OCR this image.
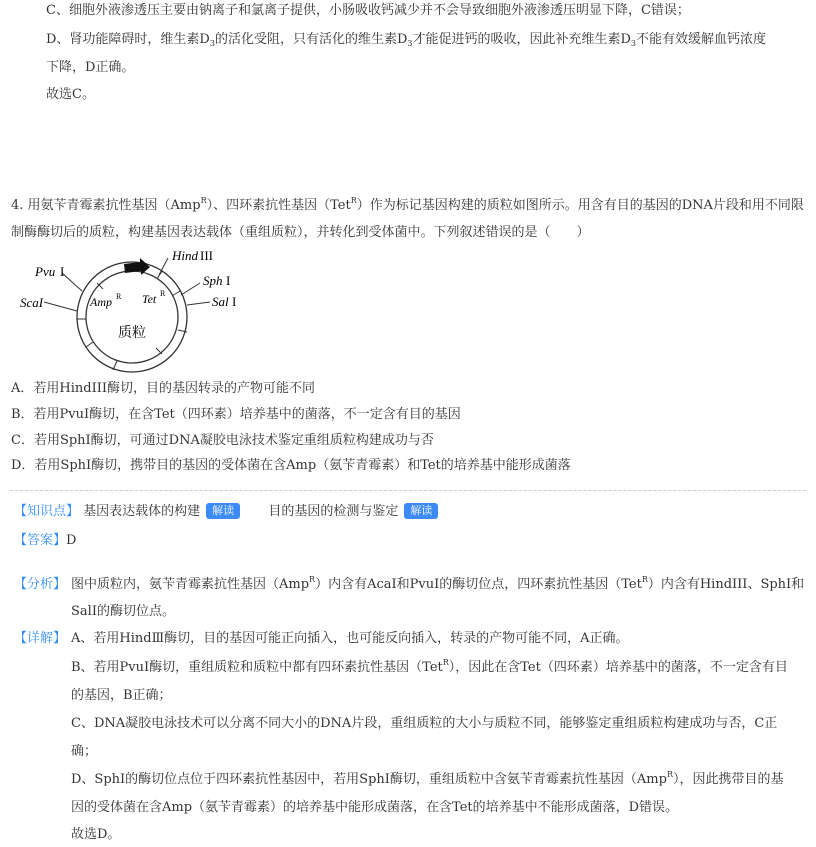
C、细胞外液渗透压主要由钠离子和氯离子提供，小肠吸收钙减少并不会导致细胞外液渗透压明显下降，C错误；
D、肾功能障碍时，维生素$D_3$的活化受阻，只有活化的维生素$D_3$才能促进钙的吸收，因此补充维生素$D_3$不能有效缓解血钙浓度
下降，D正确。
故选C。
4. 用氨苄青霉素抗性基因（Amp$^R$）、四环素抗性基因（Tet$^R$）作为标记基因构建的质粒如图所示。用含有目的基因的DNA片段和用不同限
制酶酶切后的质粒，构建基因表达载体（重组质粒），并转化到受体菌中。下列叙述错误的是（　　）
Pvu I
ScaI
Hind III
Sph I
Sal I
Amp R Tet R
质粒
A．若用HindIII酶切，目的基因转录的产物可能不同
B．若用PvuI酶切，在含Tet（四环素）培养基中的菌落，不一定含有目的基因
C．若用SphI酶切，可通过DNA凝胶电泳技术鉴定重组质粒构建成功与否
D．若用SphI酶切，携带目的基因的受体菌在含Amp（氨苄青霉素）和Tet的培养基中能形成菌落
【知识点】 基因表达载体的构建 解读	目的基因的检测与鉴定 解读
【答案】D
【分析】 图中质粒内，氨苄青霉素抗性基因（Amp$^R$）内含有AcaI和PvuI的酶切位点，四环素抗性基因（Tet$^R$）内含有HindIII、SphI和
SalI的酶切位点。
【详解】 A、若用HindⅢ酶切，目的基因可能正向插入，也可能反向插入，转录的产物可能不同，A正确。
B、若用PvuⅠ酶切，重组质粒和质粒中都有四环素抗性基因（Tet$^R$），因此在含Tet（四环素）培养基中的菌落，不一定含有目
的基因，B正确；
C、DNA凝胶电泳技术可以分离不同大小的DNA片段，重组质粒的大小与质粒不同，能够鉴定重组质粒构建成功与否，C正
确；
D、SphⅠ的酶切位点位于四环素抗性基因中，若用SphⅠ酶切，重组质粒中含氨苄青霉素抗性基因（Amp$^R$），因此携带目的基
因的受体菌在含Amp（氨苄青霉素）的培养基中能形成菌落，在含Tet的培养基中不能形成菌落，D错误。
故选D。
